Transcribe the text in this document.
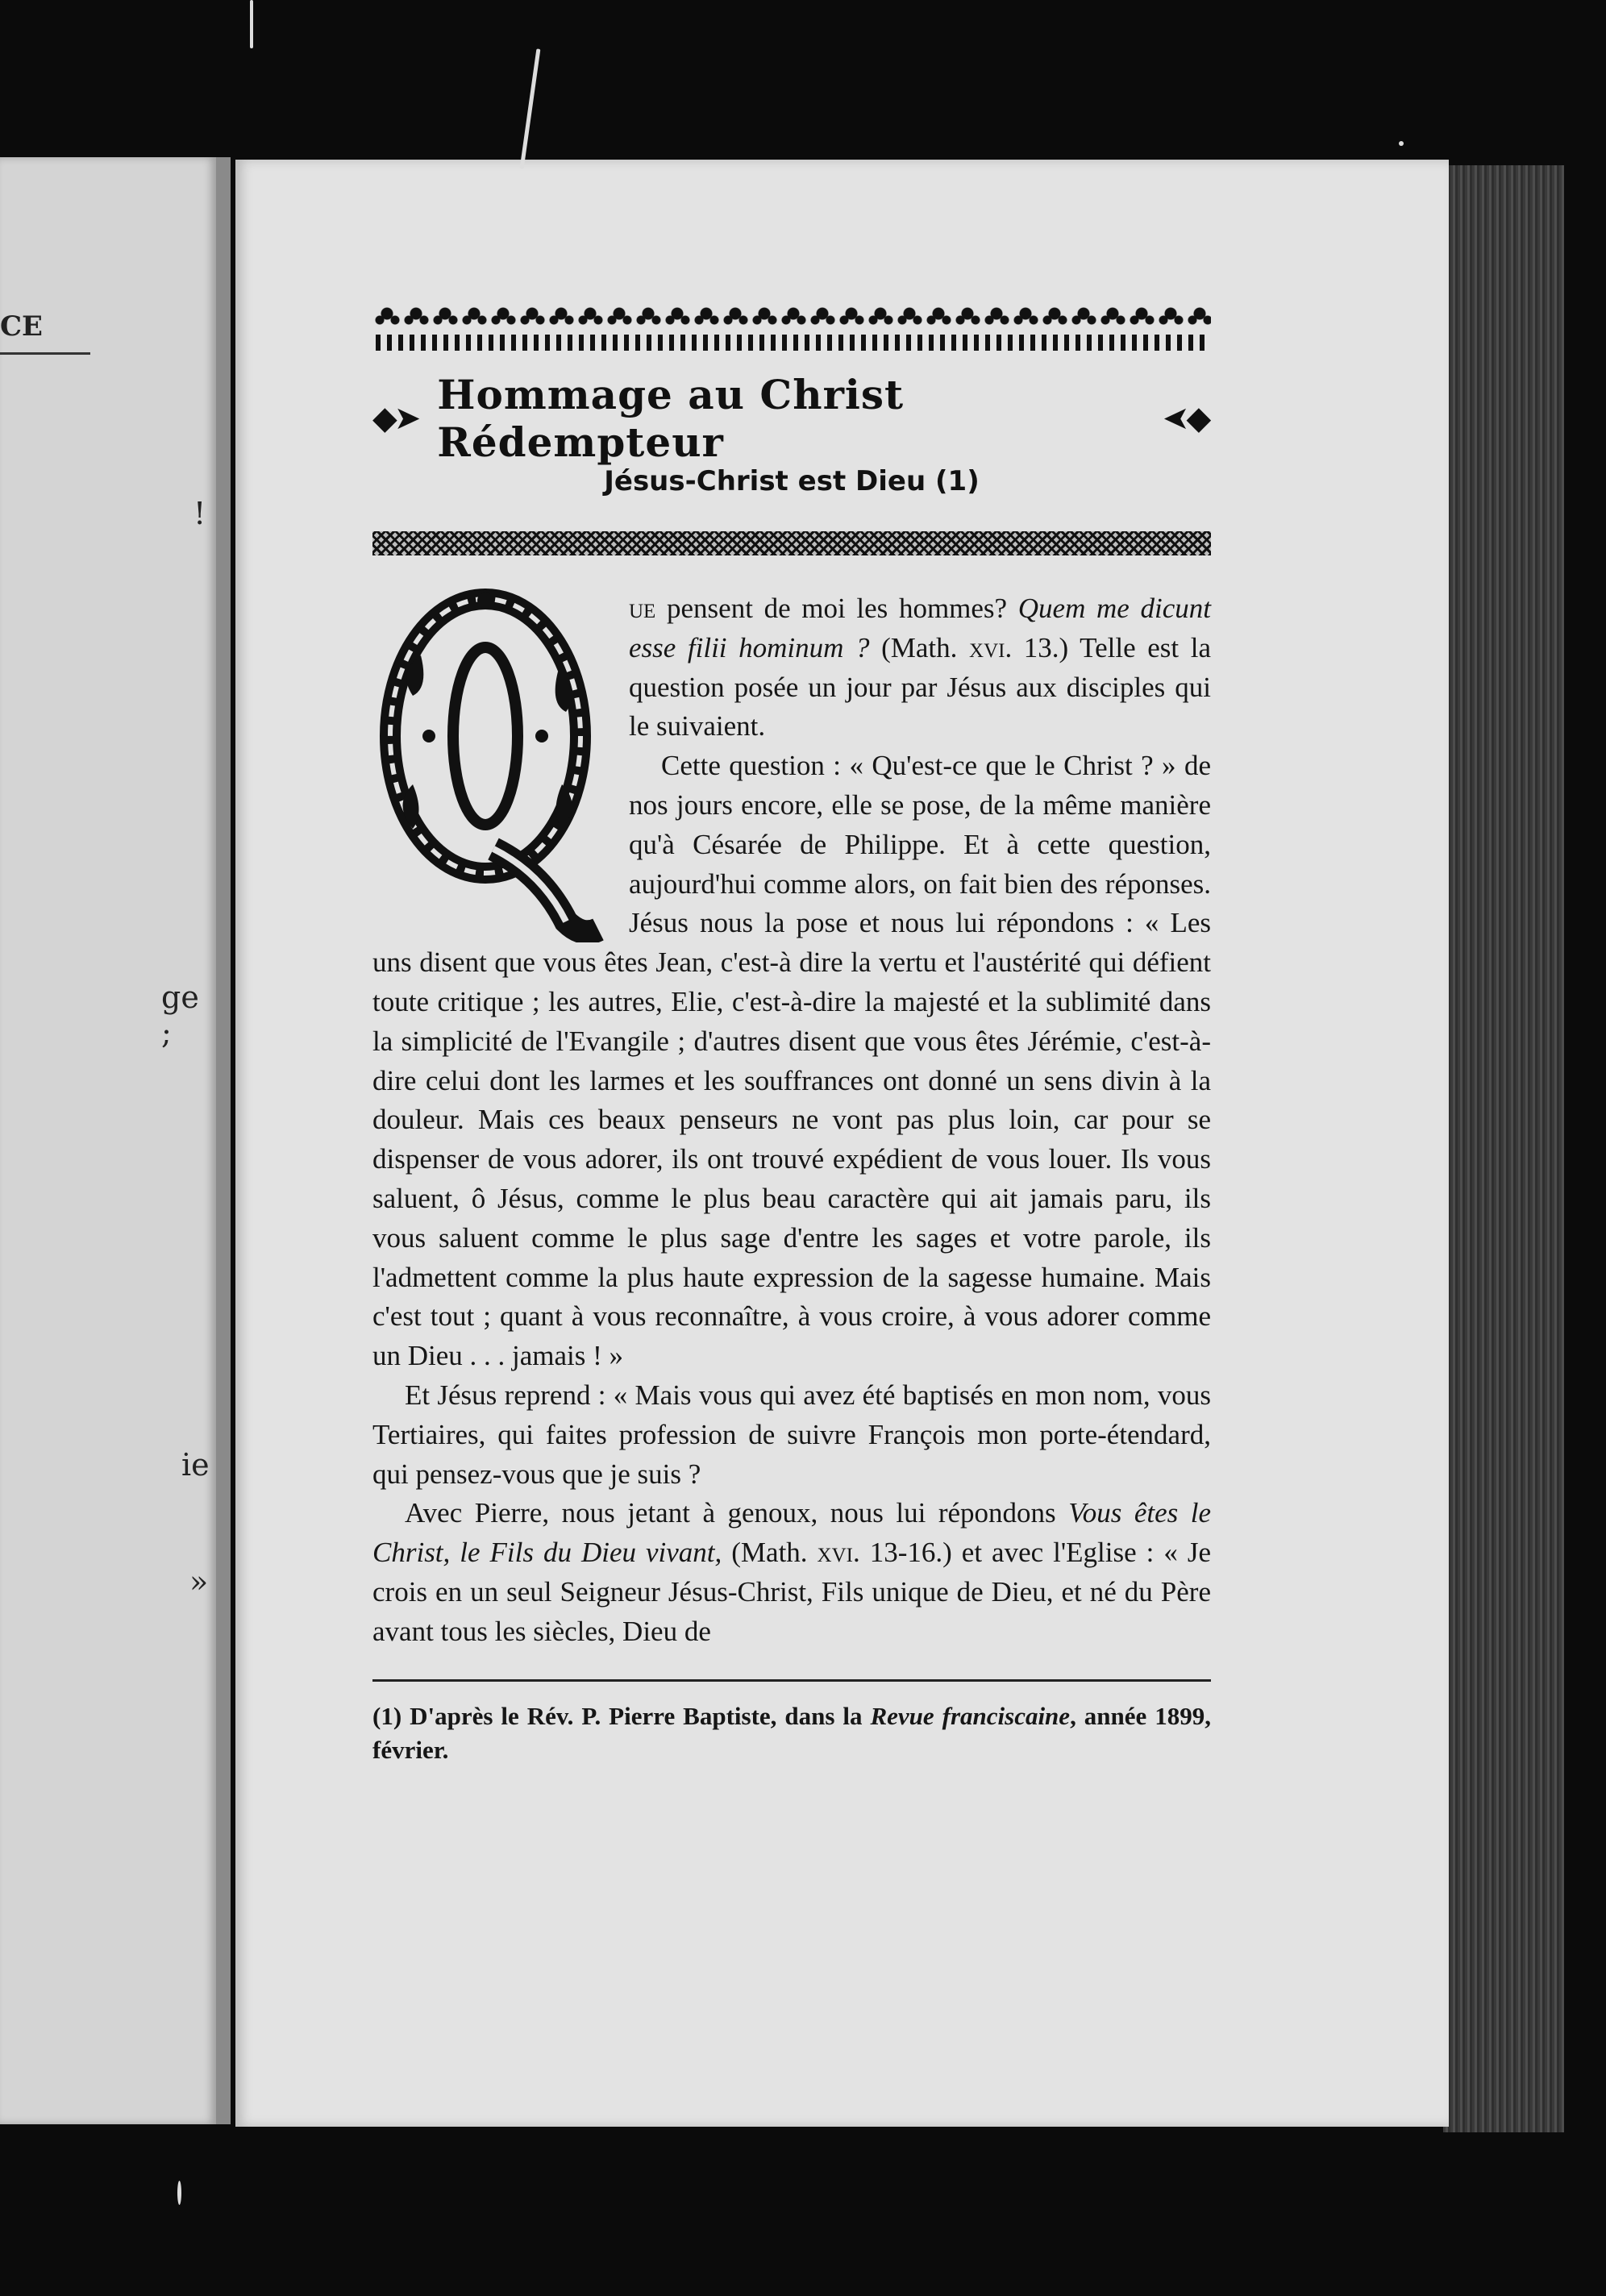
CE
!
ge ;
ie
»
◆➤ Hommage au Christ Rédempteur	◆➤
Jésus-Christ est Dieu (1)

ue pensent de moi les hommes? Quem me dicunt esse filii hominum ? (Math. xvi. 13.) Telle est la question posée un jour par Jésus aux disciples qui le suivaient.

Cette question : « Qu'est-ce que le Christ ? » de nos jours encore, elle se pose, de la même manière qu'à Césarée de Philippe. Et à cette question, aujourd'hui comme alors, on fait bien des réponses. Jésus nous la pose et nous lui répondons : « Les uns disent que vous êtes Jean, c'est-à dire la vertu et l'austérité qui défient toute critique ; les autres, Elie, c'est-à-dire la majesté et la sublimité dans la simplicité de l'Evangile ; d'autres disent que vous êtes Jérémie, c'est-à-dire celui dont les larmes et les souffrances ont donné un sens divin à la douleur. Mais ces beaux penseurs ne vont pas plus loin, car pour se dispenser de vous adorer, ils ont trouvé expédient de vous louer. Ils vous saluent, ô Jésus, comme le plus beau caractère qui ait jamais paru, ils vous saluent comme le plus sage d'entre les sages et votre parole, ils l'admettent comme la plus haute expression de la sagesse humaine. Mais c'est tout ; quant à vous reconnaître, à vous croire, à vous adorer comme un Dieu . . . jamais ! »

Et Jésus reprend : « Mais vous qui avez été baptisés en mon nom, vous Tertiaires, qui faites profession de suivre François mon porte-étendard, qui pensez-vous que je suis ?

Avec Pierre, nous jetant à genoux, nous lui répondons Vous êtes le Christ, le Fils du Dieu vivant, (Math. xvi. 13-16.) et avec l'Eglise : « Je crois en un seul Seigneur Jésus-Christ, Fils unique de Dieu, et né du Père avant tous les siècles, Dieu de

(1) D'après le Rév. P. Pierre Baptiste, dans la Revue franciscaine, année 1899, février.
